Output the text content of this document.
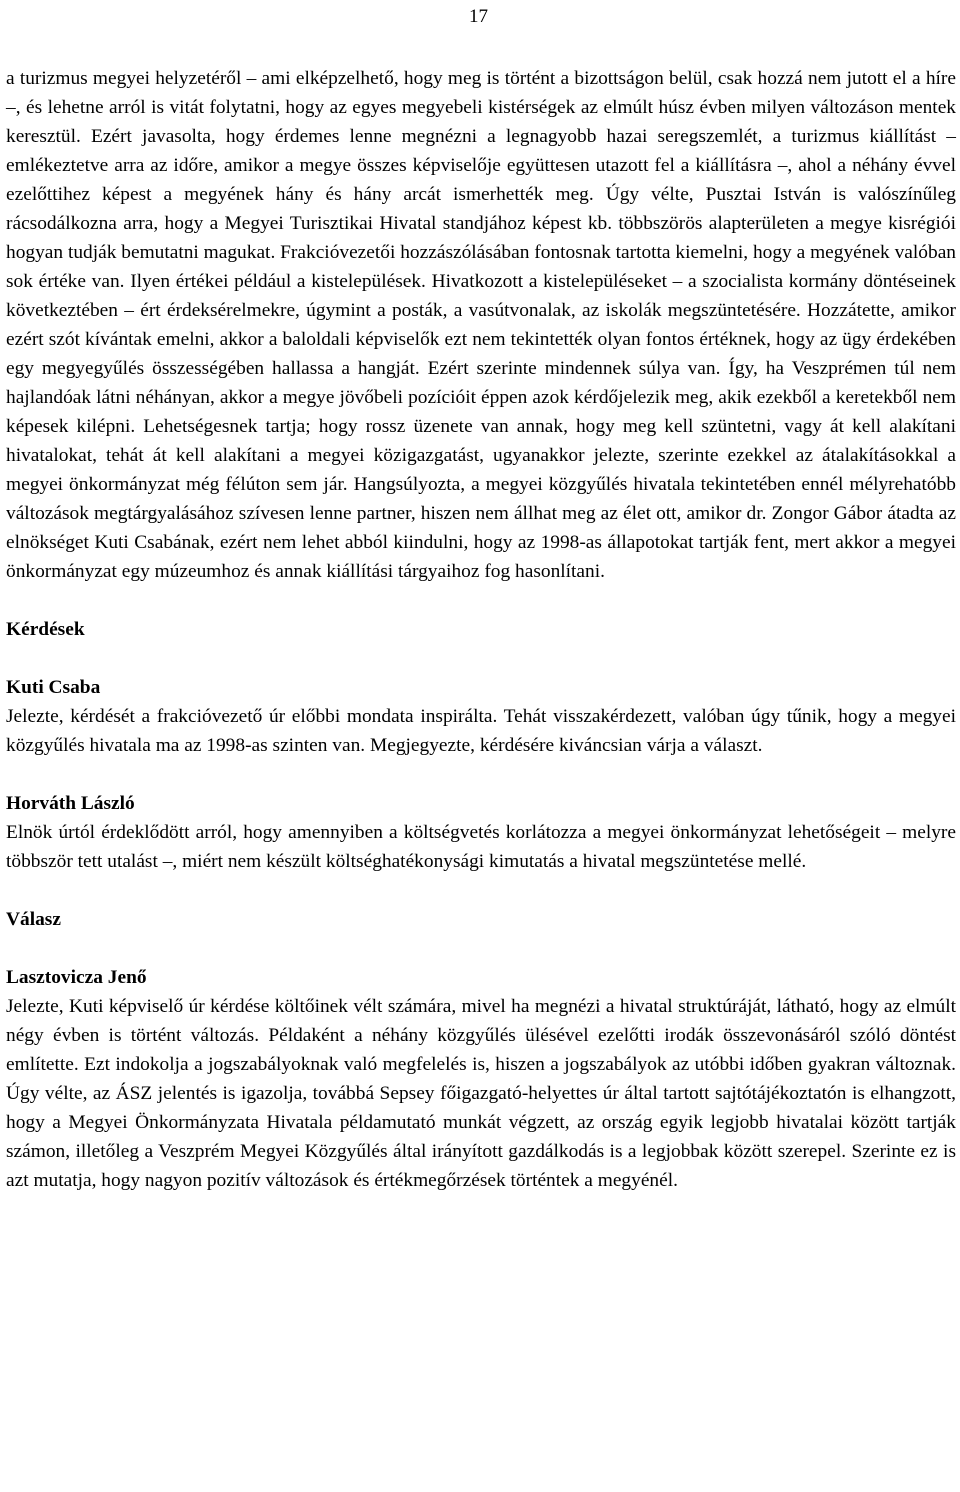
17

a turizmus megyei helyzetéről – ami elképzelhető, hogy meg is történt a bizottságon belül, csak hozzá nem jutott el a híre –, és lehetne arról is vitát folytatni, hogy az egyes megyebeli kistérségek az elmúlt húsz évben milyen változáson mentek keresztül. Ezért javasolta, hogy érdemes lenne megnézni a legnagyobb hazai seregszemlét, a turizmus kiállítást – emlékeztetve arra az időre, amikor a megye összes képviselője együttesen utazott fel a kiállításra –, ahol a néhány évvel ezelőttihez képest a megyének hány és hány arcát ismerhették meg. Úgy vélte, Pusztai István is valószínűleg rácsodálkozna arra, hogy a Megyei Turisztikai Hivatal standjához képest kb. többszörös alapterületen a megye kisrégiói hogyan tudják bemutatni magukat. Frakcióvezetői hozzászólásában fontosnak tartotta kiemelni, hogy a megyének valóban sok értéke van. Ilyen értékei például a kistelepülések. Hivatkozott a kistelepüléseket – a szocialista kormány döntéseinek következtében – ért érdeksérelmekre, úgymint a posták, a vasútvonalak, az iskolák megszüntetésére. Hozzátette, amikor ezért szót kívántak emelni, akkor a baloldali képviselők ezt nem tekintették olyan fontos értéknek, hogy az ügy érdekében egy megyegyűlés összességében hallassa a hangját. Ezért szerinte mindennek súlya van. Így, ha Veszprémen túl nem hajlandóak látni néhányan, akkor a megye jövőbeli pozícióit éppen azok kérdőjelezik meg, akik ezekből a keretekből nem képesek kilépni. Lehetségesnek tartja; hogy rossz üzenete van annak, hogy meg kell szüntetni, vagy át kell alakítani hivatalokat, tehát át kell alakítani a megyei közigazgatást, ugyanakkor jelezte, szerinte ezekkel az átalakításokkal a megyei önkormányzat még félúton sem jár. Hangsúlyozta, a megyei közgyűlés hivatala tekintetében ennél mélyrehatóbb változások megtárgyalásához szívesen lenne partner, hiszen nem állhat meg az élet ott, amikor dr. Zongor Gábor átadta az elnökséget Kuti Csabának, ezért nem lehet abból kiindulni, hogy az 1998-as állapotokat tartják fent, mert akkor a megyei önkormányzat egy múzeumhoz és annak kiállítási tárgyaihoz fog hasonlítani.

Kérdések

Kuti Csaba

Jelezte, kérdését a frakcióvezető úr előbbi mondata inspirálta. Tehát visszakérdezett, valóban úgy tűnik, hogy a megyei közgyűlés hivatala ma az 1998-as szinten van. Megjegyezte, kérdésére kiváncsian várja a választ.

Horváth László

Elnök úrtól érdeklődött arról, hogy amennyiben a költségvetés korlátozza a megyei önkormányzat lehetőségeit – melyre többször tett utalást –, miért nem készült költséghatékonysági kimutatás a hivatal megszüntetése mellé.

Válasz

Lasztovicza Jenő

Jelezte, Kuti képviselő úr kérdése költőinek vélt számára, mivel ha megnézi a hivatal struktúráját, látható, hogy az elmúlt négy évben is történt változás. Példaként a néhány közgyűlés ülésével ezelőtti irodák összevonásáról szóló döntést említette. Ezt indokolja a jogszabályoknak való megfelelés is, hiszen a jogszabályok az utóbbi időben gyakran változnak. Úgy vélte, az ÁSZ jelentés is igazolja, továbbá Sepsey főigazgató-helyettes úr által tartott sajtótájékoztatón is elhangzott, hogy a Megyei Önkormányzata Hivatala példamutató munkát végzett, az ország egyik legjobb hivatalai között tartják számon, illetőleg a Veszprém Megyei Közgyűlés által irányított gazdálkodás is a legjobbak között szerepel. Szerinte ez is azt mutatja, hogy nagyon pozitív változások és értékmegőrzések történtek a megyénél.
